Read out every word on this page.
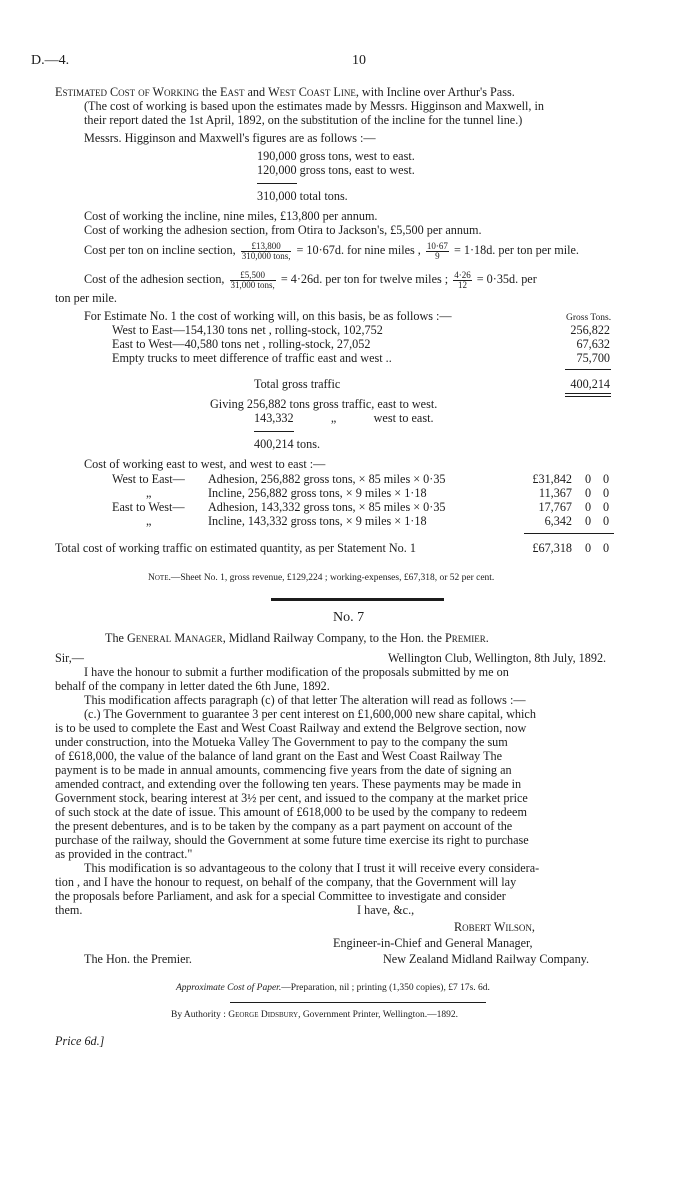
D.—4.	10
Estimated Cost of Working the East and West Coast Line, with Incline over Arthur's Pass.
(The cost of working is based upon the estimates made by Messrs. Higginson and Maxwell, in
their report dated the 1st April, 1892, on the substitution of the incline for the tunnel line.)
Messrs. Higginson and Maxwell's figures are as follows :—
190,000 gross tons, west to east.
120,000 gross tons, east to west.
310,000 total tons.
Cost of working the incline, nine miles, £13,800 per annum.
Cost of working the adhesion section, from Otira to Jackson's, £5,500 per annum.
Cost per ton on incline section,	£13,800
310,000 tons, = 10·67d. for nine miles , $\frac{10\cdot 67}{9} = 1\cdot 18d$. per ton per mile.
Cost of the adhesion section,	£5,500
31,000 tons, = 4·26d. per ton for twelve miles ; $\frac{4\cdot 26}{12} = 0\cdot 35d$. per
ton per mile.
For Estimate No. 1 the cost of working will, on this basis, be as follows :—	Gross Tons.
West to East—154,130 tons net , rolling-stock, 102,752	256,822
East to West—40,580 tons net , rolling-stock, 27,052	67,632
Empty trucks to meet difference of traffic east and west ..	75,700
Total gross traffic	400,214
Giving 256,882 tons gross traffic, east to west.
143,332	„	west to east.
400,214 tons.
Cost of working east to west, and west to east :—
West to East— Adhesion, 256,882 gross tons, × 85 miles × 0·35	£31,842 0 0
„	Incline, 256,882 gross tons, × 9 miles × 1·18	11,367 0 0
East to West— Adhesion, 143,332 gross tons, × 85 miles × 0·35	17,767 0 0
„	Incline, 143,332 gross tons, × 9 miles × 1·18	6,342 0 0
Total cost of working traffic on estimated quantity, as per Statement No. 1	£67,318 0 0
Note.—Sheet No. 1, gross revenue, £129,224 ; working-expenses, £67,318, or 52 per cent.
No. 7
The General Manager, Midland Railway Company, to the Hon. the Premier.
Sir,—	Wellington Club, Wellington, 8th July, 1892.
I have the honour to submit a further modification of the proposals submitted by me on
behalf of the company in letter dated the 6th June, 1892.
This modification affects paragraph (c) of that letter The alteration will read as follows :—
(c.) The Government to guarantee 3 per cent interest on £1,600,000 new share capital, which
is to be used to complete the East and West Coast Railway and extend the Belgrove section, now
under construction, into the Motueka Valley The Government to pay to the company the sum
of £618,000, the value of the balance of land grant on the East and West Coast Railway The
payment is to be made in annual amounts, commencing five years from the date of signing an
amended contract, and extending over the following ten years. These payments may be made in
Government stock, bearing interest at 3½ per cent, and issued to the company at the market price
of such stock at the date of issue. This amount of £618,000 to be used by the company to redeem
the present debentures, and is to be taken by the company as a part payment on account of the
purchase of the railway, should the Government at some future time exercise its right to purchase
as provided in the contract."
This modification is so advantageous to the colony that I trust it will receive every considera-
tion , and I have the honour to request, on behalf of the company, that the Government will lay
the proposals before Parliament, and ask for a special Committee to investigate and consider
them.	I have, &c.,
Robert Wilson,
Engineer-in-Chief and General Manager,
The Hon. the Premier.	New Zealand Midland Railway Company.
Approximate Cost of Paper.—Preparation, nil ; printing (1,350 copies), £7 17s. 6d.
By Authority : George Didsbury, Government Printer, Wellington.—1892.
Price 6d.]
